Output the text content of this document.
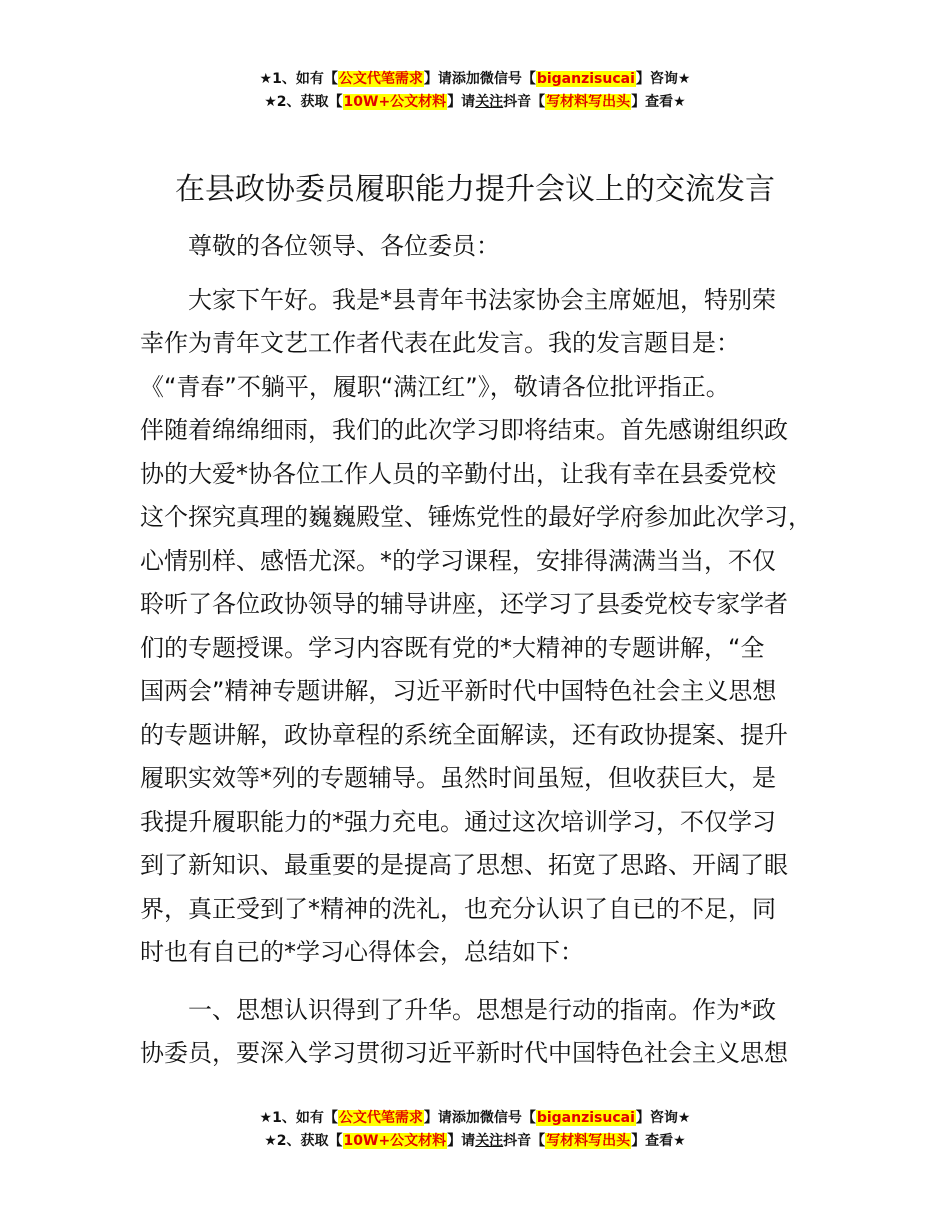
★1、如有【公文代笔需求】请添加微信号【biganzisucai】咨询★
★2、获取【10W+公文材料】请关注抖音【写材料写出头】查看★
在县政协委员履职能力提升会议上的交流发言

尊敬的各位领导、各位委员：

大家下午好。我是*县青年书法家协会主席姬旭，特别荣
幸作为青年文艺工作者代表在此发言。我的发言题目是：
《“青春”不躺平，履职“满江红”》，敬请各位批评指正。

伴随着绵绵细雨，我们的此次学习即将结束。首先感谢组织政
协的大爱*协各位工作人员的辛勤付出，让我有幸在县委党校
这个探究真理的巍巍殿堂、锤炼党性的最好学府参加此次学习，
心情别样、感悟尤深。*的学习课程，安排得满满当当，不仅
聆听了各位政协领导的辅导讲座，还学习了县委党校专家学者
们的专题授课。学习内容既有党的*大精神的专题讲解，“全
国两会”精神专题讲解，习近平新时代中国特色社会主义思想
的专题讲解，政协章程的系统全面解读，还有政协提案、提升
履职实效等*列的专题辅导。虽然时间虽短，但收获巨大，是
我提升履职能力的*强力充电。通过这次培训学习，不仅学习
到了新知识、最重要的是提高了思想、拓宽了思路、开阔了眼
界，真正受到了*精神的洗礼，也充分认识了自已的不足，同
时也有自已的*学习心得体会，总结如下：

一、思想认识得到了升华。思想是行动的指南。作为*政
协委员，要深入学习贯彻习近平新时代中国特色社会主义思想

★1、如有【公文代笔需求】请添加微信号【biganzisucai】咨询★
★2、获取【10W+公文材料】请关注抖音【写材料写出头】查看★
